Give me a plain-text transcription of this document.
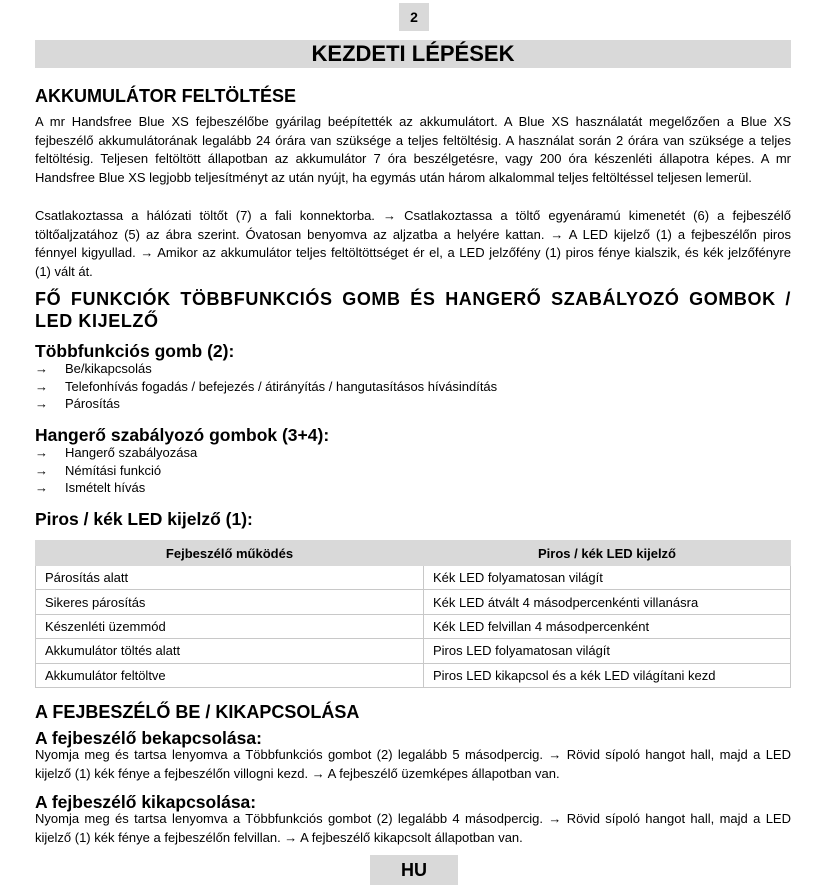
2
KEZDETI LÉPÉSEK
AKKUMULÁTOR FELTÖLTÉSE

A mr Handsfree Blue XS fejbeszélőbe gyárilag beépítették az akkumulátort. A Blue XS használatát megelőzően a Blue XS fejbeszélő akkumulátorának legalább 24 órára van szüksége a teljes feltöltésig. A használat során 2 órára van szüksége a teljes feltöltésig. Teljesen feltöltött állapotban az akkumulátor 7 óra beszélgetésre, vagy 200 óra készenléti állapotra képes. A mr Handsfree Blue XS legjobb teljesítményt az után nyújt, ha egymás után három alkalommal teljes feltöltéssel teljesen lemerül.

Csatlakoztassa a hálózati töltőt (7) a fali konnektorba. → Csatlakoztassa a töltő egyenáramú kimenetét (6) a fejbeszélő töltőaljzatához (5) az ábra szerint. Óvatosan benyomva az aljzatba a helyére kattan. → A LED kijelző (1) a fejbeszélőn piros fénnyel kigyullad. → Amikor az akkumulátor teljes feltöltöttséget ér el, a LED jelzőfény (1) piros fénye kialszik, és kék jelzőfényre (1) vált át.

FŐ FUNKCIÓK TÖBBFUNKCIÓS GOMB ÉS HANGERŐ SZABÁLYOZÓ GOMBOK / LED KIJELZŐ
Többfunkciós gomb (2):
→	Be/kikapcsolás
→	Telefonhívás fogadás / befejezés / átirányítás / hangutasításos hívásindítás
→	Párosítás
Hangerő szabályozó gombok (3+4):
→	Hangerő szabályozása
→	Némítási funkció
→	Ismételt hívás
Piros / kék LED kijelző (1):
Fejbeszélő működés	Piros / kék LED kijelző
Párosítás alatt	Kék LED folyamatosan világít
Sikeres párosítás	Kék LED átvált 4 másodpercenkénti villanásra
Készenléti üzemmód	Kék LED felvillan 4 másodpercenként
Akkumulátor töltés alatt	Piros LED folyamatosan világít
Akkumulátor feltöltve	Piros LED kikapcsol és a kék LED világítani kezd
A FEJBESZÉLŐ BE / KIKAPCSOLÁSA
A fejbeszélő bekapcsolása:

Nyomja meg és tartsa lenyomva a Többfunkciós gombot (2) legalább 5 másodpercig. → Rövid sípoló hangot hall, majd a LED kijelző (1) kék fénye a fejbeszélőn villogni kezd. → A fejbeszélő üzemképes állapotban van.

A fejbeszélő kikapcsolása:

Nyomja meg és tartsa lenyomva a Többfunkciós gombot (2) legalább 4 másodpercig. → Rövid sípoló hangot hall, majd a LED kijelző (1) kék fénye a fejbeszélőn felvillan. → A fejbeszélő kikapcsolt állapotban van.

HU
